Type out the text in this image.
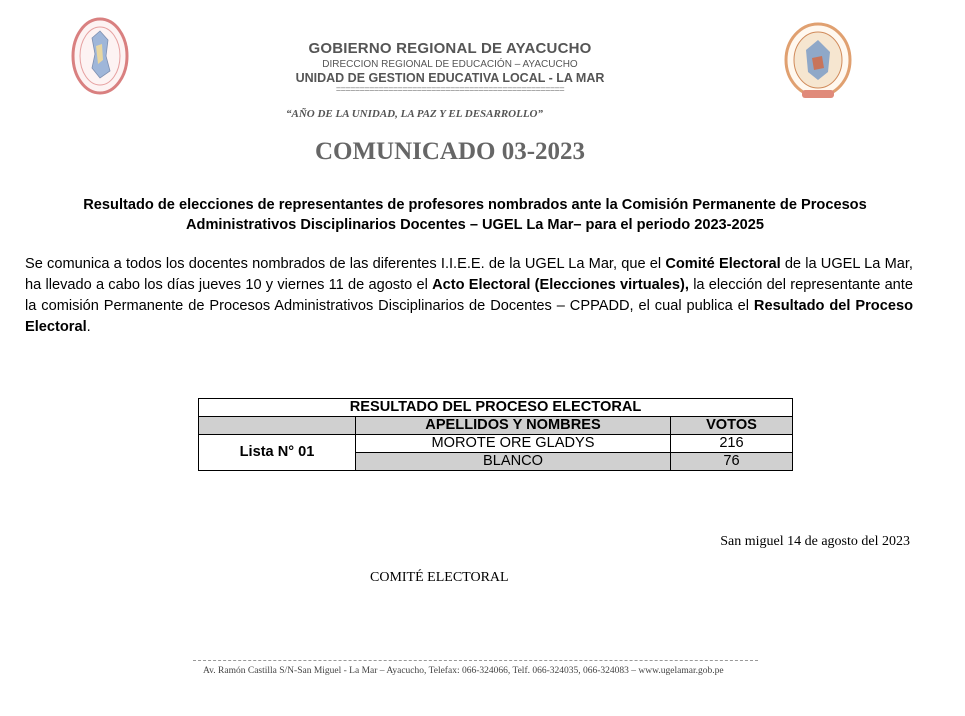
GOBIERNO REGIONAL DE AYACUCHO
DIRECCION REGIONAL DE EDUCACIÓN – AYACUCHO
UNIDAD DE GESTION EDUCATIVA LOCAL - LA MAR
================================================
“AÑO DE LA UNIDAD, LA PAZ Y EL DESARROLLO”
COMUNICADO 03-2023
Resultado de elecciones de representantes de profesores nombrados ante la Comisión Permanente de Procesos Administrativos Disciplinarios Docentes – UGEL La Mar– para el periodo 2023-2025
Se comunica a todos los docentes nombrados de las diferentes I.I.E.E. de la UGEL La Mar, que el Comité Electoral de la UGEL La Mar, ha llevado a cabo los días jueves 10 y viernes 11 de agosto el Acto Electoral (Elecciones virtuales), la elección del representante ante la comisión Permanente de Procesos Administrativos Disciplinarios de Docentes – CPPADD, el cual publica el Resultado del Proceso Electoral.
RESULTADO DEL PROCESO ELECTORAL		
	APELLIDOS Y NOMBRES	VOTOS
Lista N° 01	MOROTE ORE GLADYS	216
	BLANCO	76
San miguel 14 de agosto del 2023
COMITÉ ELECTORAL
Av. Ramón Castilla S/N-San Miguel - La Mar – Ayacucho, Telefax: 066-324066, Telf. 066-324035, 066-324083 – www.ugelamar.gob.pe
